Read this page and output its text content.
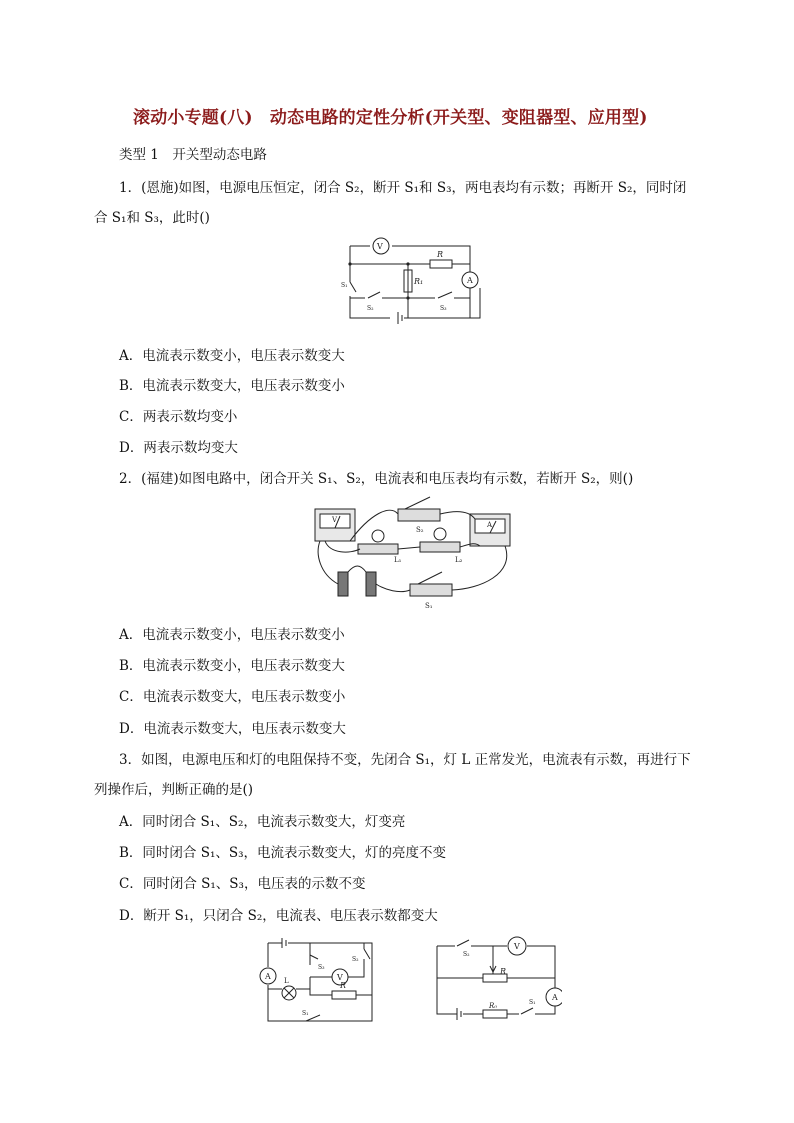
滚动小专题(八)　动态电路的定性分析(开关型、变阻器型、应用型)
类型 1　开关型动态电路
1．(恩施)如图，电源电压恒定，闭合 S₂，断开 S₁和 S₃，两电表均有示数；再断开 S₂，同时闭
合 S₁和 S₃，此时()
V
R
R₁	A
S₁
S₂	S₃
A．电流表示数变小，电压表示数变大
B．电流表示数变大，电压表示数变小
C．两表示数均变小
D．两表示数均变大
2．(福建)如图电路中，闭合开关 S₁、S₂，电流表和电压表均有示数，若断开 S₂，则()
V
A
S₂
L₁	L₂
S₁
A．电流表示数变小，电压表示数变小
B．电流表示数变小，电压表示数变大
C．电流表示数变大，电压表示数变小
D．电流表示数变大，电压表示数变大
3．如图，电源电压和灯的电阻保持不变，先闭合 S₁，灯 L 正常发光，电流表有示数，再进行下
列操作后，判断正确的是()
A．同时闭合 S₁、S₂，电流表示数变大，灯变亮
B．同时闭合 S₁、S₃，电流表示数变大，灯的亮度不变
C．同时闭合 S₁、S₃，电压表的示数不变
D．断开 S₁，只闭合 S₂，电流表、电压表示数都变大
A	V
L	R
S₃
S₂
S₁
V
A
R
R₀
S₂
S₁
